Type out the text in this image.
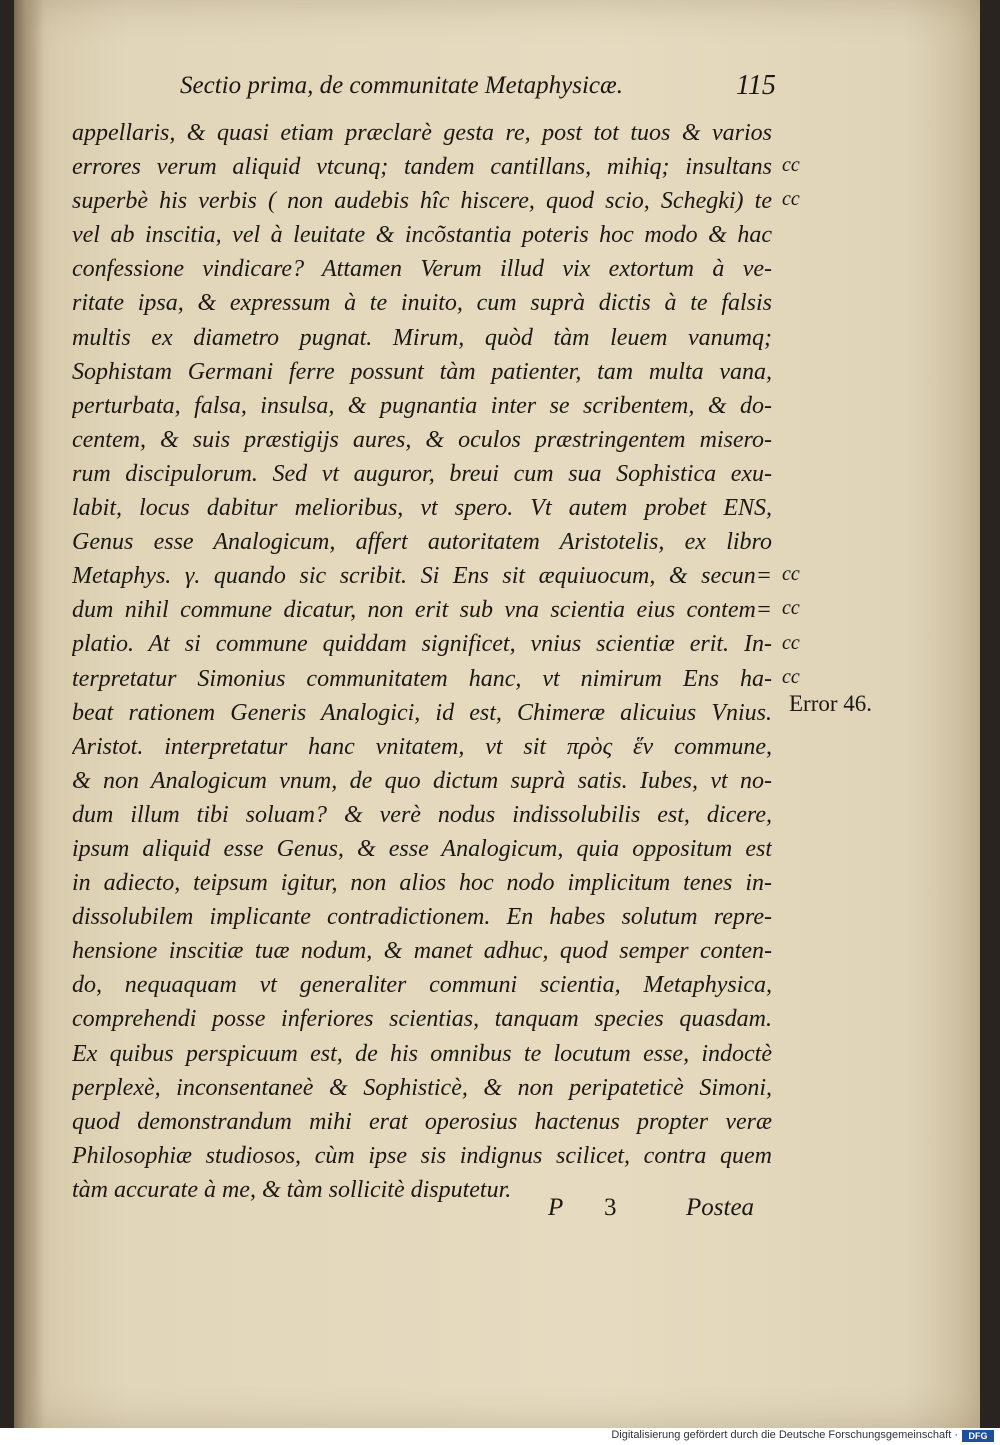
Sectio prima, de communitate Metaphysicæ.	115
appellaris, & quasi etiam præclarè gesta re, post tot tuos & varios
errores verum aliquid vtcunq; tandem cantillans, mihiq; insultans
superbè his verbis ( non audebis hîc hiscere, quod scio, Schegki) te
vel ab inscitia, vel à leuitate & incõstantia poteris hoc modo & hac
confessione vindicare? Attamen Verum illud vix extortum à ve-
ritate ipsa, & expressum à te inuito, cum suprà dictis à te falsis
multis ex diametro pugnat. Mirum, quòd tàm leuem vanumq;
Sophistam Germani ferre possunt tàm patienter, tam multa vana,
perturbata, falsa, insulsa, & pugnantia inter se scribentem, & do-
centem, & suis præstigijs aures, & oculos præstringentem misero-
rum discipulorum. Sed vt auguror, breui cum sua Sophistica exu-
labit, locus dabitur melioribus, vt spero. Vt autem probet ENS,
Genus esse Analogicum, affert autoritatem Aristotelis, ex libro
Metaphys. γ. quando sic scribit. Si Ens sit æquiuocum, & secun=
dum nihil commune dicatur, non erit sub vna scientia eius contem=
platio. At si commune quiddam significet, vnius scientiæ erit. In-
terpretatur Simonius communitatem hanc, vt nimirum Ens ha-
beat rationem Generis Analogici, id est, Chimeræ alicuius Vnius.
Aristot. interpretatur hanc vnitatem, vt sit πρὸς ἕν commune,
& non Analogicum vnum, de quo dictum suprà satis. Iubes, vt no-
dum illum tibi soluam? & verè nodus indissolubilis est, dicere,
ipsum aliquid esse Genus, & esse Analogicum, quia oppositum est
in adiecto, teipsum igitur, non alios hoc nodo implicitum tenes in-
dissolubilem implicante contradictionem. En habes solutum repre-
hensione inscitiæ tuæ nodum, & manet adhuc, quod semper conten-
do, nequaquam vt generaliter communi scientia, Metaphysica,
comprehendi posse inferiores scientias, tanquam species quasdam.
Ex quibus perspicuum est, de his omnibus te locutum esse, indoctè
perplexè, inconsentaneè & Sophisticè, & non peripateticè Simoni,
quod demonstrandum mihi erat operosius hactenus propter veræ
Philosophiæ studiosos, cùm ipse sis indignus scilicet, contra quem
tàm accurate à me, & tàm sollicitè disputetur.
cc
cc
cc
cc
cc
cc
Error 46.
P 3	Postea
Digitalisierung gefördert durch die Deutsche Forschungsgemeinschaft ·	DFG
